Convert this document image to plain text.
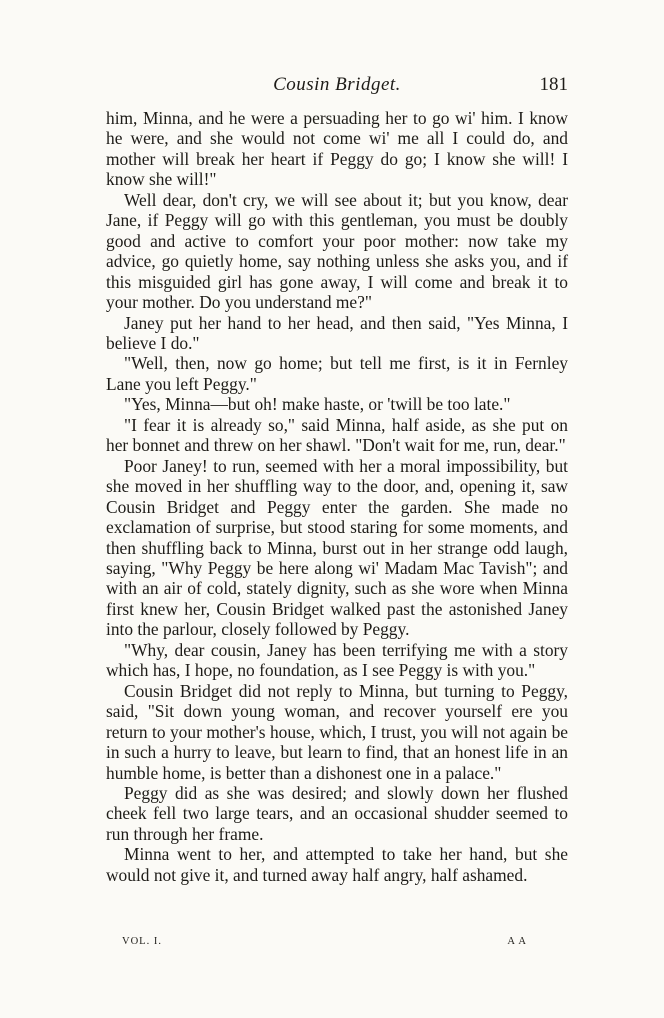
Cousin Bridget.	181

him, Minna, and he were a persuading her to go wi' him. I know he were, and she would not come wi' me all I could do, and mother will break her heart if Peggy do go; I know she will! I know she will!"

Well dear, don't cry, we will see about it; but you know, dear Jane, if Peggy will go with this gentleman, you must be doubly good and active to comfort your poor mother: now take my advice, go quietly home, say nothing unless she asks you, and if this misguided girl has gone away, I will come and break it to your mother. Do you understand me?"

Janey put her hand to her head, and then said, "Yes Minna, I believe I do."

"Well, then, now go home; but tell me first, is it in Fernley Lane you left Peggy."

"Yes, Minna—but oh! make haste, or 'twill be too late."

"I fear it is already so," said Minna, half aside, as she put on her bonnet and threw on her shawl. "Don't wait for me, run, dear."

Poor Janey! to run, seemed with her a moral impossibility, but she moved in her shuffling way to the door, and, opening it, saw Cousin Bridget and Peggy enter the garden. She made no exclamation of surprise, but stood staring for some moments, and then shuffling back to Minna, burst out in her strange odd laugh, saying, "Why Peggy be here along wi' Madam Mac Tavish"; and with an air of cold, stately dignity, such as she wore when Minna first knew her, Cousin Bridget walked past the astonished Janey into the parlour, closely followed by Peggy.

"Why, dear cousin, Janey has been terrifying me with a story which has, I hope, no foundation, as I see Peggy is with you."

Cousin Bridget did not reply to Minna, but turning to Peggy, said, "Sit down young woman, and recover yourself ere you return to your mother's house, which, I trust, you will not again be in such a hurry to leave, but learn to find, that an honest life in an humble home, is better than a dishonest one in a palace."

Peggy did as she was desired; and slowly down her flushed cheek fell two large tears, and an occasional shudder seemed to run through her frame.

Minna went to her, and attempted to take her hand, but she would not give it, and turned away half angry, half ashamed.

VOL. I.	A A
